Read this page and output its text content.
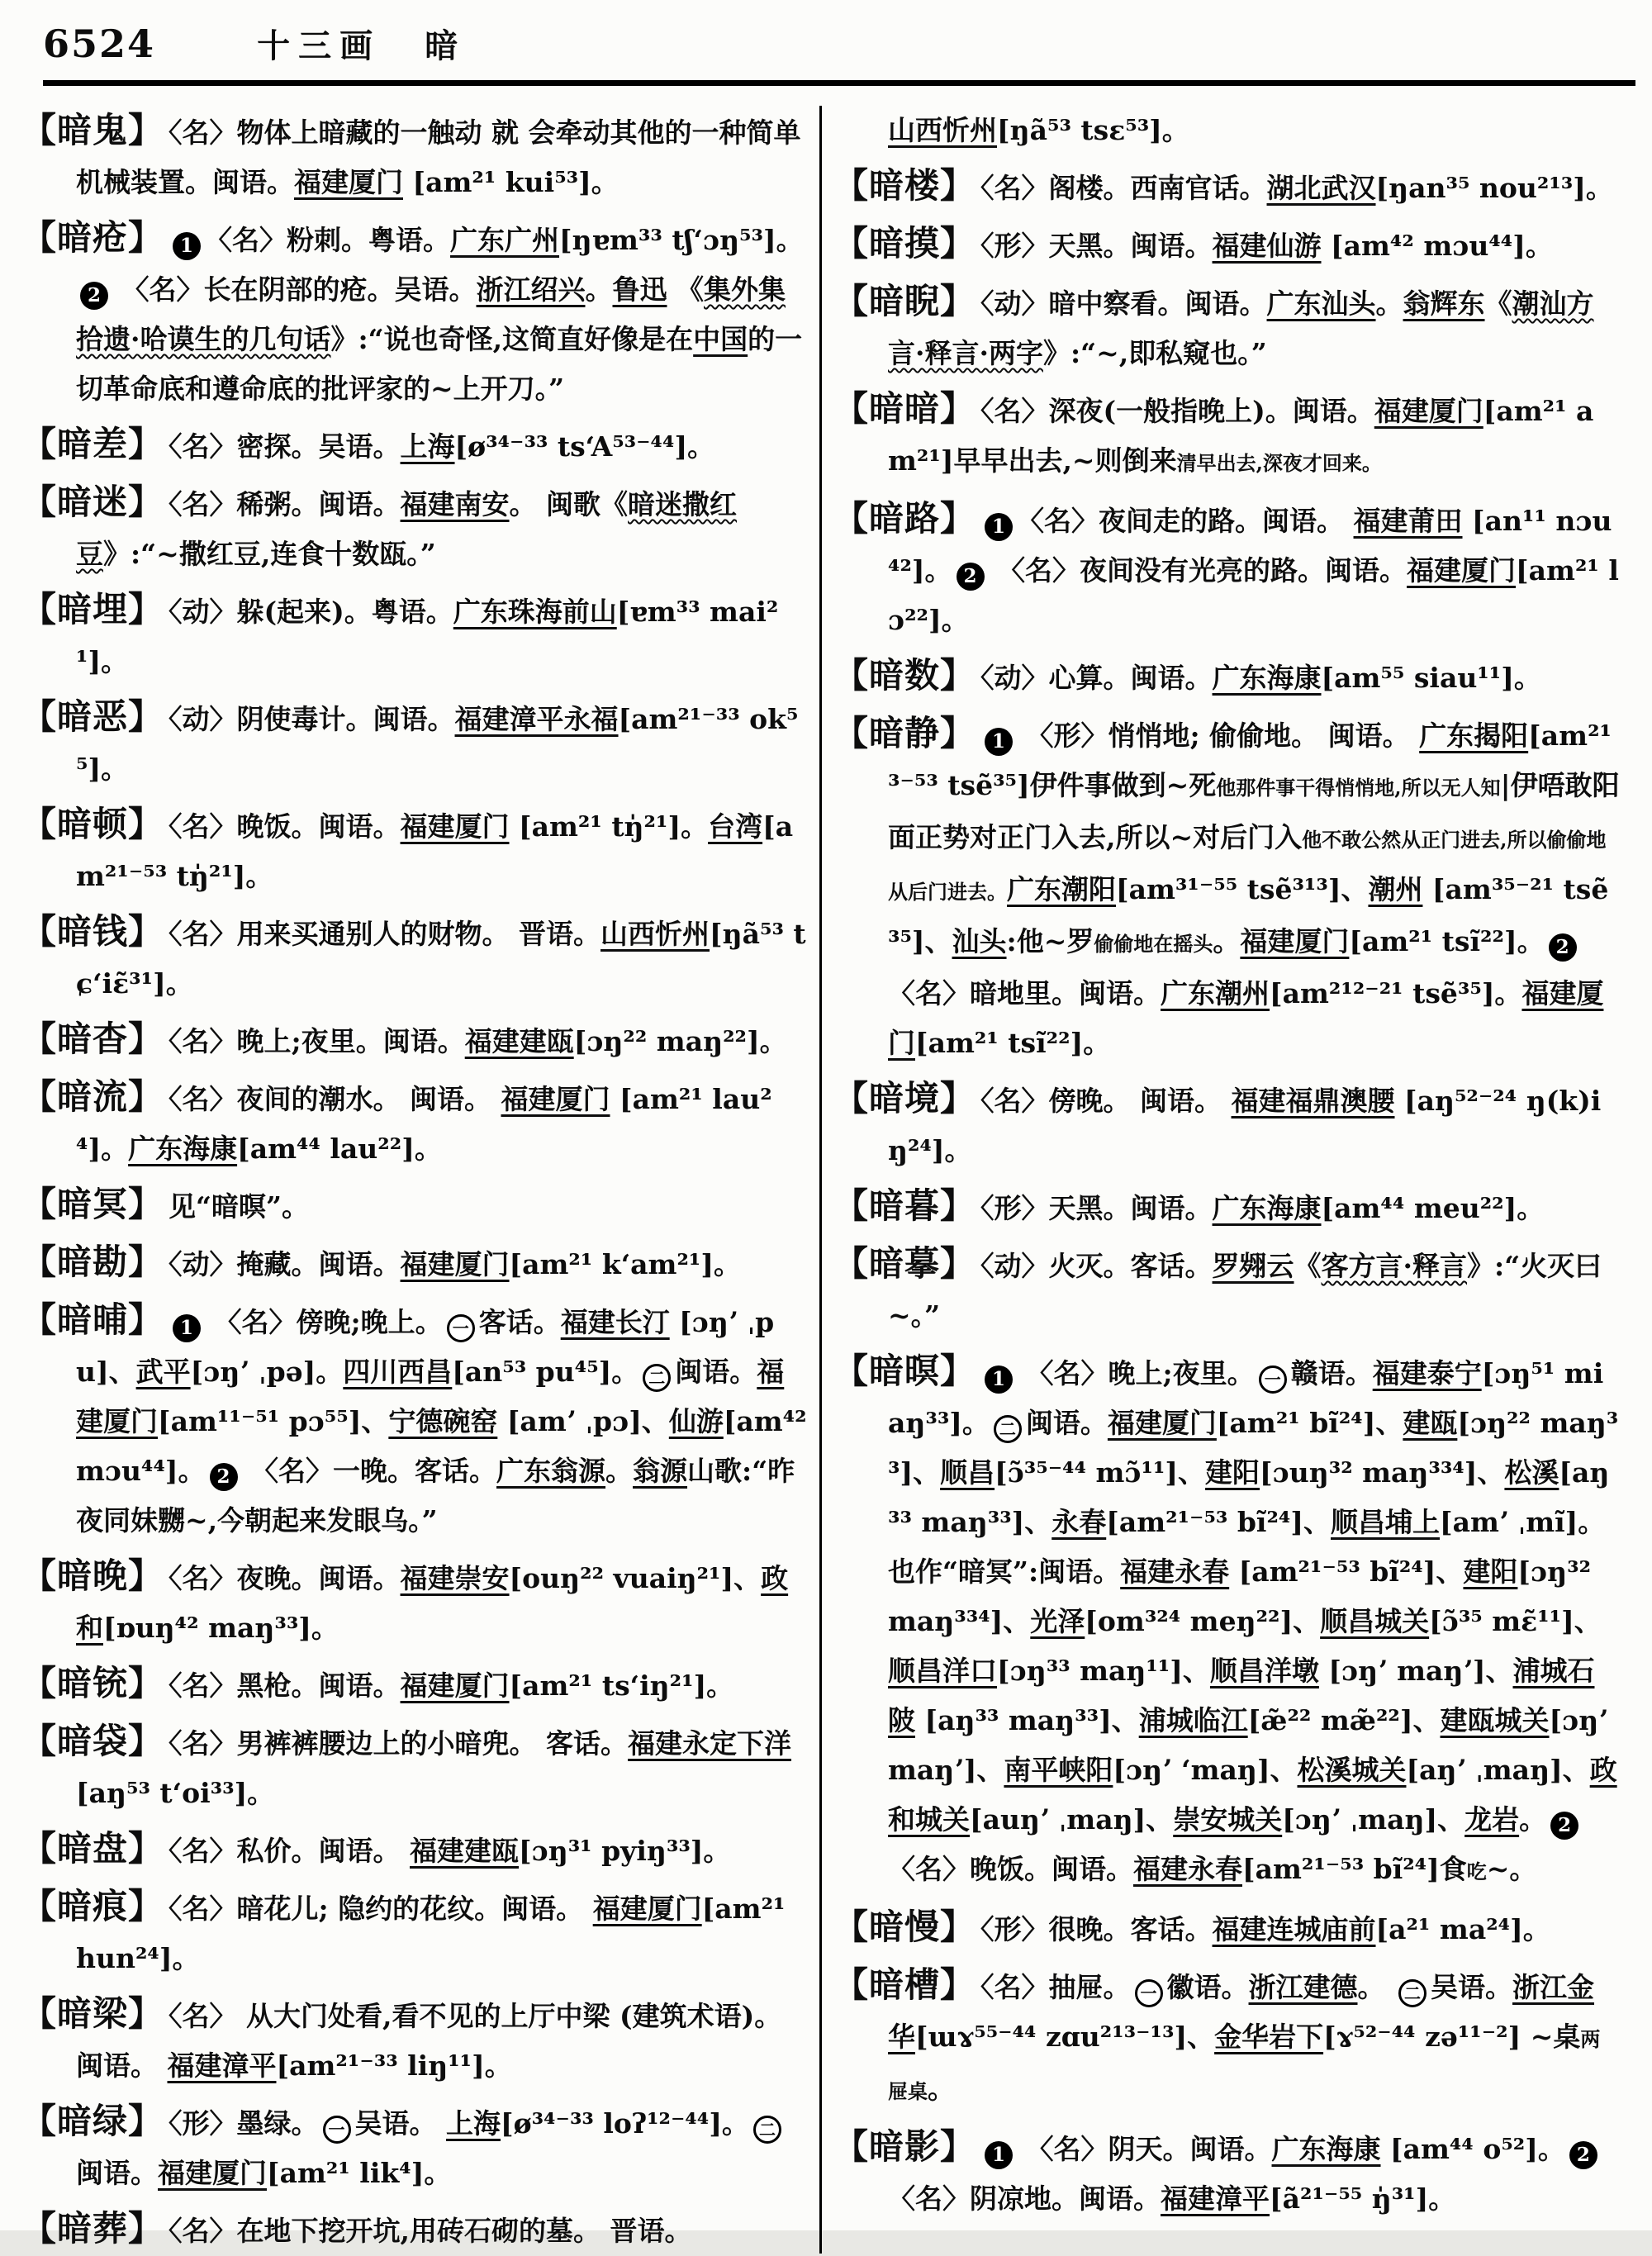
6524	十三画 暗
【暗鬼】 〈名〉物体上暗藏的一触动 就 会牵动其他的一种简单机械装置。闽语。福建厦门 [am²¹ kui⁵³]。
【暗疮】 1 〈名〉粉刺。粤语。广东广州[ŋɐm³³ tʃʻɔŋ⁵³]。2 〈名〉长在阴部的疮。吴语。浙江绍兴。鲁迅 《集外集拾遗·哈谟生的几句话》:“说也奇怪,这简直好像是在中国的一切革命底和遵命底的批评家的~上开刀。”
【暗差】 〈名〉密探。吴语。上海[ø³⁴⁻³³ tsʻA⁵³⁻⁴⁴]。
【暗迷】 〈名〉稀粥。闽语。福建南安。 闽歌《暗迷撒红豆》:“~撒红豆,连食十数瓯。”
【暗埋】 〈动〉躲(起来)。粤语。广东珠海前山[ɐm³³ mai²¹]。
【暗恶】 〈动〉阴使毒计。闽语。福建漳平永福[am²¹⁻³³ ok⁵⁵]。
【暗顿】 〈名〉晚饭。闽语。福建厦门 [am²¹ tŋ̍²¹]。台湾[am²¹⁻⁵³ tŋ̍²¹]。
【暗钱】 〈名〉用来买通别人的财物。 晋语。山西忻州[ŋã⁵³ tɕʻiɛ̃³¹]。
【暗杳】 〈名〉晚上;夜里。闽语。福建建瓯[ɔŋ²² maŋ²²]。
【暗流】 〈名〉夜间的潮水。 闽语。 福建厦门 [am²¹ lau²⁴]。广东海康[am⁴⁴ lau²²]。
【暗冥】 见“暗暝”。
【暗勘】 〈动〉掩藏。闽语。福建厦门[am²¹ kʻam²¹]。
【暗晡】 1 〈名〉傍晚;晚上。 一 客话。福建长汀 [ɔŋʼ ˌpu]、武平[ɔŋʼ ˌpə]。四川西昌[an⁵³ pu⁴⁵]。 二 闽语。福建厦门[am¹¹⁻⁵¹ pɔ⁵⁵]、宁德碗窑 [amʼ ˌpɔ]、仙游[am⁴² mɔu⁴⁴]。 2 〈名〉一晚。客话。广东翁源。翁源山歌:“昨夜同妹嬲~,今朝起来发眼乌。”
【暗晚】 〈名〉夜晚。闽语。福建崇安[ouŋ²² vuaiŋ²¹]、政和[ɒuŋ⁴² maŋ³³]。
【暗铳】 〈名〉黑枪。闽语。福建厦门[am²¹ tsʻiŋ²¹]。
【暗袋】 〈名〉男裤裤腰边上的小暗兜。 客话。福建永定下洋[aŋ⁵³ tʻoi³³]。
【暗盘】 〈名〉私价。闽语。 福建建瓯[ɔŋ³¹ pyiŋ³³]。
【暗痕】 〈名〉暗花儿; 隐约的花纹。闽语。 福建厦门[am²¹ hun²⁴]。
【暗梁】 〈名〉 从大门处看,看不见的上厅中梁 (建筑术语)。闽语。 福建漳平[am²¹⁻³³ liŋ¹¹]。
【暗绿】 〈形〉墨绿。 一 吴语。 上海[ø³⁴⁻³³ loʔ¹²⁻⁴⁴]。 二闽语。福建厦门[am²¹ lik⁴]。
【暗葬】 〈名〉在地下挖开坑,用砖石砌的墓。 晋语。
山西忻州[ŋã⁵³ tsɛ⁵³]。
【暗楼】 〈名〉阁楼。西南官话。湖北武汉[ŋan³⁵ nou²¹³]。
【暗摸】 〈形〉天黑。闽语。福建仙游 [am⁴² mɔu⁴⁴]。
【暗睨】 〈动〉暗中察看。闽语。广东汕头。翁辉东《潮汕方言·释言·两字》:“~,即私窥也。”
【暗暗】 〈名〉深夜(一般指晚上)。闽语。福建厦门[am²¹ am²¹]早早出去,~则倒来清早出去,深夜才回来。
【暗路】 1 〈名〉夜间走的路。闽语。 福建莆田 [an¹¹ nɔu⁴²]。 2 〈名〉夜间没有光亮的路。闽语。福建厦门[am²¹ lɔ²²]。
【暗数】 〈动〉心算。闽语。广东海康[am⁵⁵ siau¹¹]。
【暗静】 1 〈形〉悄悄地; 偷偷地。 闽语。 广东揭阳[am²¹³⁻⁵³ tsẽ³⁵]伊件事做到~死他那件事干得悄悄地,所以无人知|伊唔敢阳面正势对正门入去,所以~对后门入他不敢公然从正门进去,所以偷偷地从后门进去。广东潮阳[am³¹⁻⁵⁵ tsẽ³¹³]、潮州 [am³⁵⁻²¹ tsẽ³⁵]、汕头:他~罗偷偷地在摇头。福建厦门[am²¹ tsĩ²²]。 2 〈名〉暗地里。闽语。广东潮州[am²¹²⁻²¹ tsẽ³⁵]。福建厦门[am²¹ tsĩ²²]。
【暗境】 〈名〉傍晚。 闽语。 福建福鼎澳腰 [aŋ⁵²⁻²⁴ ŋ(k)iŋ²⁴]。
【暗暮】 〈形〉天黑。闽语。广东海康[am⁴⁴ meu²²]。
【暗摹】 〈动〉火灭。客话。罗翙云《客方言·释言》:“火灭曰~。”
【暗暝】 1 〈名〉晚上;夜里。 一 赣语。福建泰宁[ɔŋ⁵¹ miaŋ³³]。 二 闽语。福建厦门[am²¹ bĩ²⁴]、建瓯[ɔŋ²² maŋ³³]、顺昌[ɔ̃³⁵⁻⁴⁴ mɔ̃¹¹]、建阳[ɔuŋ³² maŋ³³⁴]、松溪[aŋ³³ maŋ³³]、永春[am²¹⁻⁵³ bĩ²⁴]、顺昌埔上[amʼ ˌmĩ]。也作“暗冥”:闽语。福建永春 [am²¹⁻⁵³ bĩ²⁴]、建阳[ɔŋ³² maŋ³³⁴]、光泽[om³²⁴ meŋ²²]、顺昌城关[ɔ̃³⁵ mɛ̃¹¹]、顺昌洋口[ɔŋ³³ maŋ¹¹]、顺昌洋墩 [ɔŋʼ maŋʼ]、浦城石陂 [aŋ³³ maŋ³³]、浦城临江[æ̃²² mæ̃²²]、建瓯城关[ɔŋʼ maŋʼ]、南平峡阳[ɔŋʼ ʻmaŋ]、松溪城关[aŋʼ ˌmaŋ]、政和城关[auŋʼ ˌmaŋ]、崇安城关[ɔŋʼ ˌmaŋ]、龙岩。 2 〈名〉晚饭。闽语。福建永春[am²¹⁻⁵³ bĩ²⁴]食吃~。
【暗慢】 〈形〉很晚。客话。福建连城庙前[a²¹ ma²⁴]。
【暗槽】 〈名〉抽屉。 一 徽语。浙江建德。 二 吴语。浙江金华[ɯɤ⁵⁵⁻⁴⁴ zɑu²¹³⁻¹³]、金华岩下[ɤ⁵²⁻⁴⁴ zə¹¹⁻²] ~桌两屉桌。
【暗影】 1 〈名〉阴天。闽语。广东海康 [am⁴⁴ o⁵²]。 2 〈名〉阴凉地。闽语。福建漳平[ã²¹⁻⁵⁵ ŋ̍³¹]。
